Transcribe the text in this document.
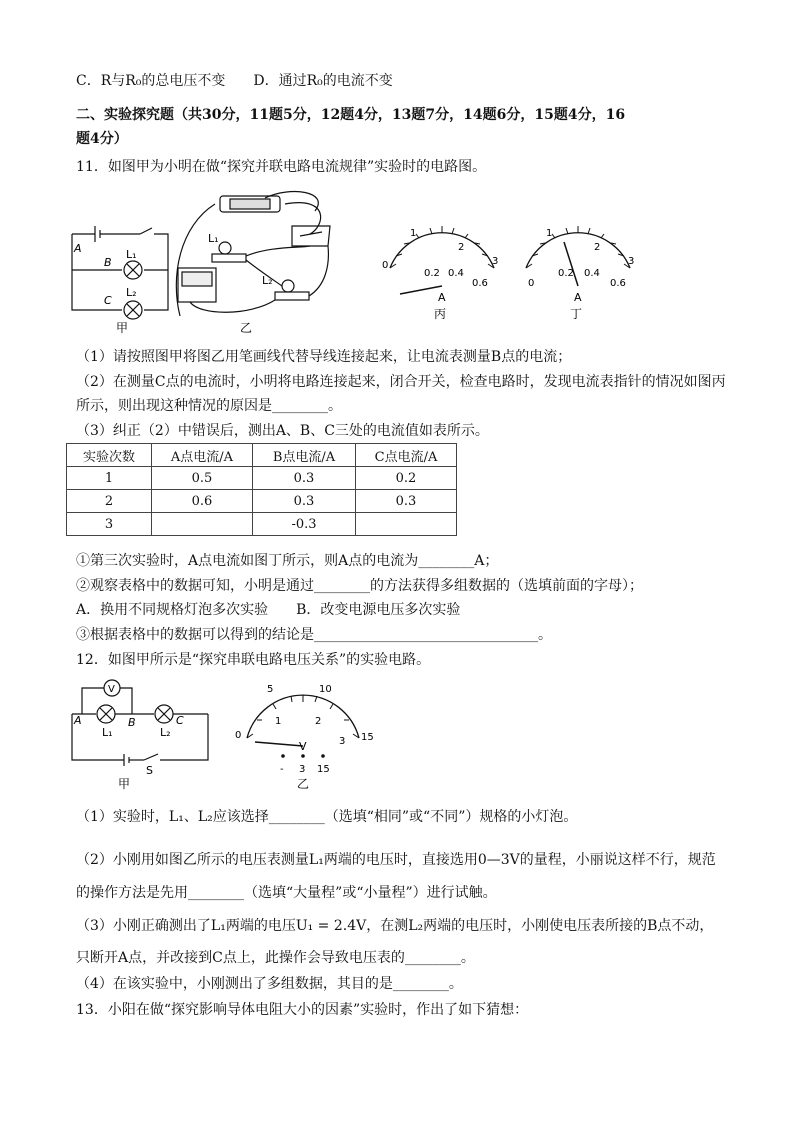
C．R与R₀的总电压不变　　D．通过R₀的电流不变
二、实验探究题（共30分，11题5分，12题4分，13题7分，14题6分，15题4分，16
题4分）
11．如图甲为小明在做“探究并联电路电流规律”实验时的电路图。
A
B
C
L₁
L₂
甲
L₁
L₂
乙
0
0.2 0.4
0.6
1
2
3
A
丙
0
0.2 0.4
0.6
1
2
3
A
丁
（1）请按照图甲将图乙用笔画线代替导线连接起来，让电流表测量B点的电流；
（2）在测量C点的电流时，小明将电路连接起来，闭合开关，检查电路时，发现电流表指针的情况如图丙
所示，则出现这种情况的原因是________。
（3）纠正（2）中错误后，测出A、B、C三处的电流值如表所示。
实验次数	A点电流/A	B点电流/A	C点电流/A
1	0.5	0.3	0.2
2	0.6	0.3	0.3
3		-0.3	
①第三次实验时，A点电流如图丁所示，则A点的电流为________A；
②观察表格中的数据可知，小明是通过________的方法获得多组数据的（选填前面的字母）；
A．换用不同规格灯泡多次实验　　B．改变电源电压多次实验
③根据表格中的数据可以得到的结论是________________________________。
12．如图甲所示是“探究串联电路电压关系”的实验电路。
V
A	B	C
L₁	L₂
S
甲
0
1	2
3
5	10
15
V
- 3 15
乙
（1）实验时，L₁、L₂应该选择________（选填“相同”或“不同”）规格的小灯泡。
（2）小刚用如图乙所示的电压表测量L₁两端的电压时，直接选用0—3V的量程，小丽说这样不行，规范
的操作方法是先用________（选填“大量程”或“小量程”）进行试触。
（3）小刚正确测出了L₁两端的电压U₁ = 2.4V，在测L₂两端的电压时，小刚使电压表所接的B点不动，
只断开A点，并改接到C点上，此操作会导致电压表的________。
（4）在该实验中，小刚测出了多组数据，其目的是________。
13．小阳在做“探究影响导体电阻大小的因素”实验时，作出了如下猜想：
